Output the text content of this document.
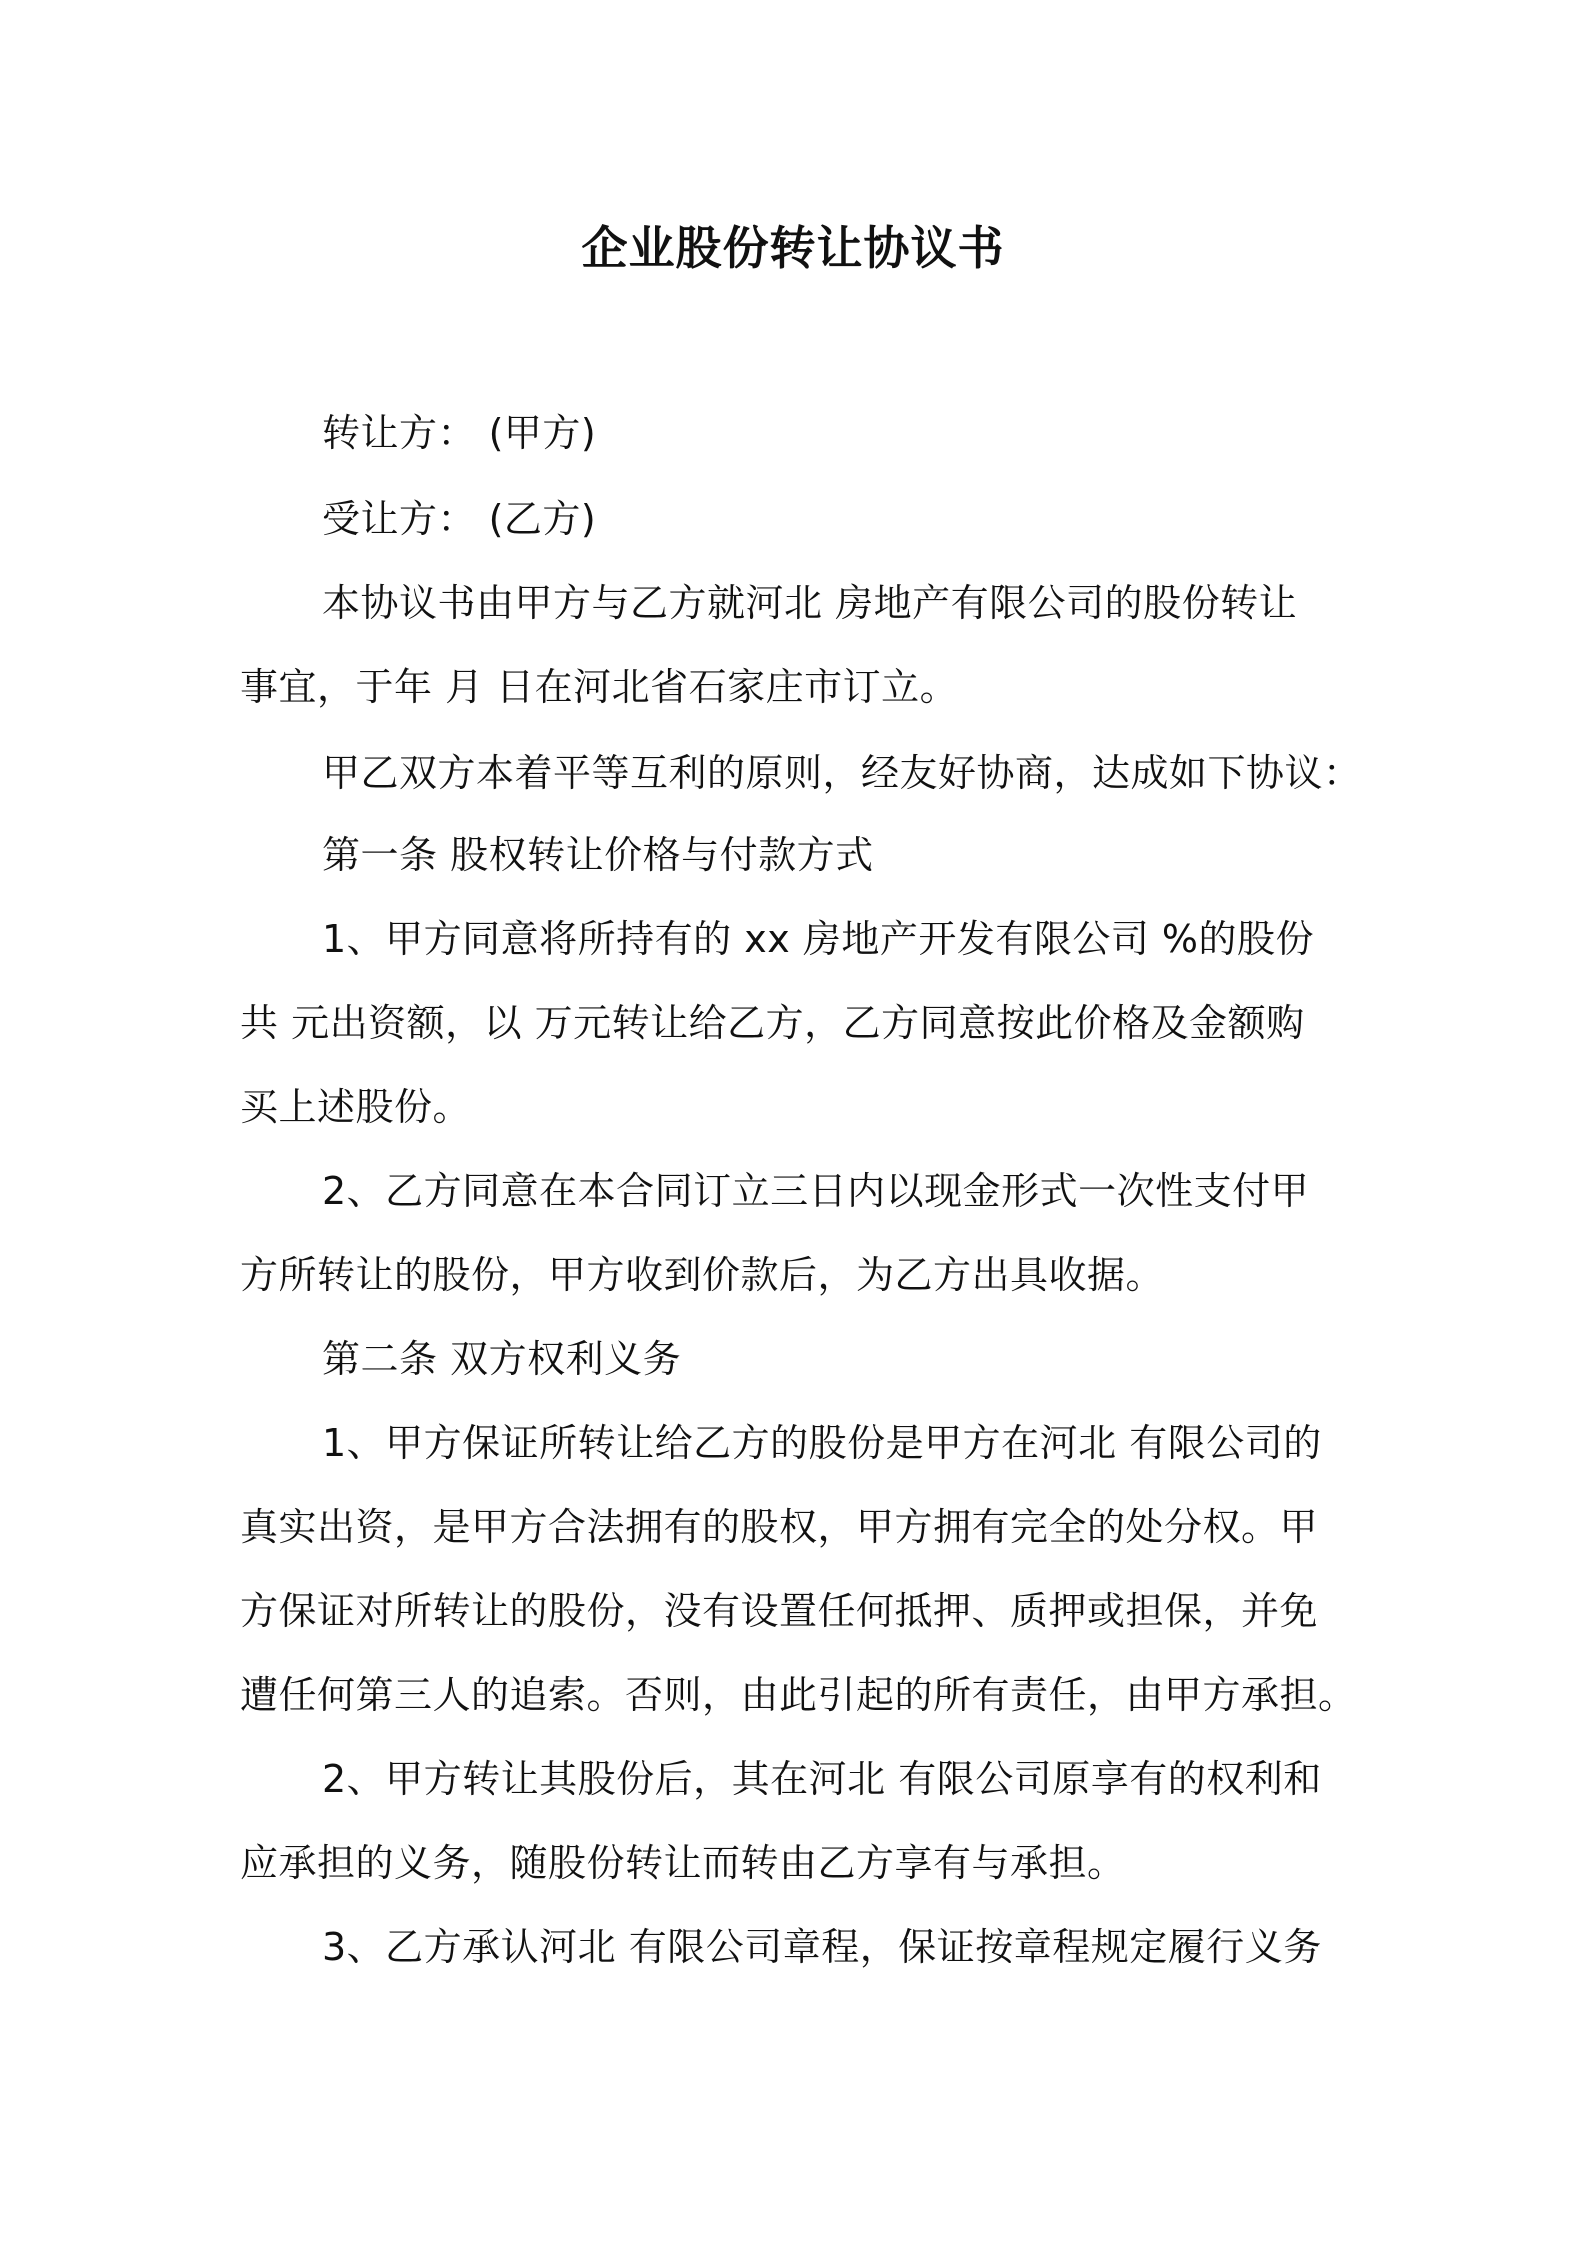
企业股份转让协议书
转让方： (甲方)
受让方： (乙方)
本协议书由甲方与乙方就河北 房地产有限公司的股份转让
事宜，于年 月 日在河北省石家庄市订立。
甲乙双方本着平等互利的原则，经友好协商，达成如下协议：
第一条 股权转让价格与付款方式
1、甲方同意将所持有的 xx 房地产开发有限公司 %的股份
共 元出资额，以 万元转让给乙方，乙方同意按此价格及金额购
买上述股份。
2、乙方同意在本合同订立三日内以现金形式一次性支付甲
方所转让的股份，甲方收到价款后，为乙方出具收据。
第二条 双方权利义务
1、甲方保证所转让给乙方的股份是甲方在河北 有限公司的
真实出资，是甲方合法拥有的股权，甲方拥有完全的处分权。甲
方保证对所转让的股份，没有设置任何抵押、质押或担保，并免
遭任何第三人的追索。否则，由此引起的所有责任，由甲方承担。
2、甲方转让其股份后，其在河北 有限公司原享有的权利和
应承担的义务，随股份转让而转由乙方享有与承担。
3、乙方承认河北 有限公司章程，保证按章程规定履行义务
